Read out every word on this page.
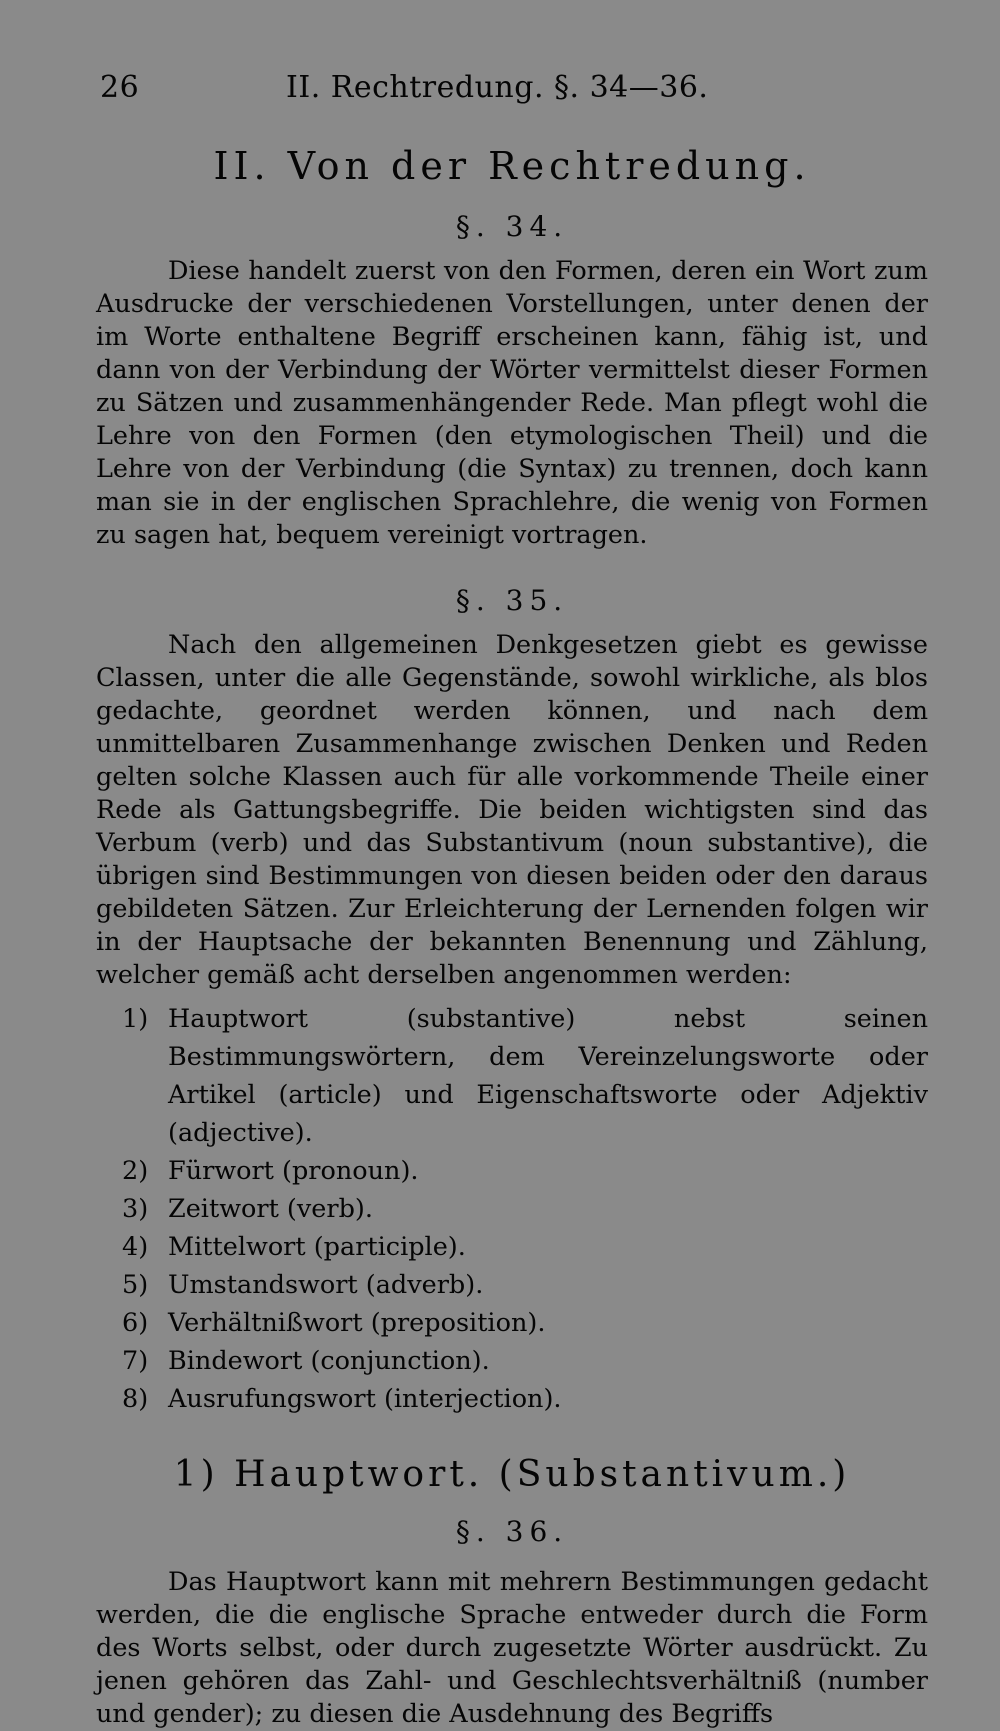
26	II. Rechtredung. §. 34—36.
II. Von der Rechtredung.
§. 34.

Diese handelt zuerst von den Formen, deren ein Wort zum Ausdrucke der verschiedenen Vorstellungen, unter denen der im Worte enthaltene Begriff erscheinen kann, fähig ist, und dann von der Verbindung der Wörter vermittelst dieser Formen zu Sätzen und zusammenhängender Rede. Man pflegt wohl die Lehre von den Formen (den etymologischen Theil) und die Lehre von der Verbindung (die Syntax) zu trennen, doch kann man sie in der englischen Sprachlehre, die wenig von Formen zu sagen hat, bequem vereinigt vortragen.

§. 35.

Nach den allgemeinen Denkgesetzen giebt es gewisse Classen, unter die alle Gegenstände, sowohl wirkliche, als blos gedachte, geordnet werden können, und nach dem unmittelbaren Zusammenhange zwischen Denken und Reden gelten solche Klassen auch für alle vorkommende Theile einer Rede als Gattungsbegriffe. Die beiden wichtigsten sind das Verbum (verb) und das Substantivum (noun substantive), die übrigen sind Bestimmungen von diesen beiden oder den daraus gebildeten Sätzen. Zur Erleichterung der Lernenden folgen wir in der Hauptsache der bekannten Benennung und Zählung, welcher gemäß acht derselben angenommen werden:

1) Hauptwort (substantive) nebst seinen Bestimmungswörtern, dem Vereinzelungsworte oder Artikel (article) und Eigenschaftsworte oder Adjektiv (adjective).
2) Fürwort (pronoun).
3) Zeitwort (verb).
4) Mittelwort (participle).
5) Umstandswort (adverb).
6) Verhältnißwort (preposition).
7) Bindewort (conjunction).
8) Ausrufungswort (interjection).
1) Hauptwort. (Substantivum.)
§. 36.

Das Hauptwort kann mit mehrern Bestimmungen gedacht werden, die die englische Sprache entweder durch die Form des Worts selbst, oder durch zugesetzte Wörter ausdrückt. Zu jenen gehören das Zahl- und Geschlechtsverhältniß (number und gender); zu diesen die Ausdehnung des Begriffs
